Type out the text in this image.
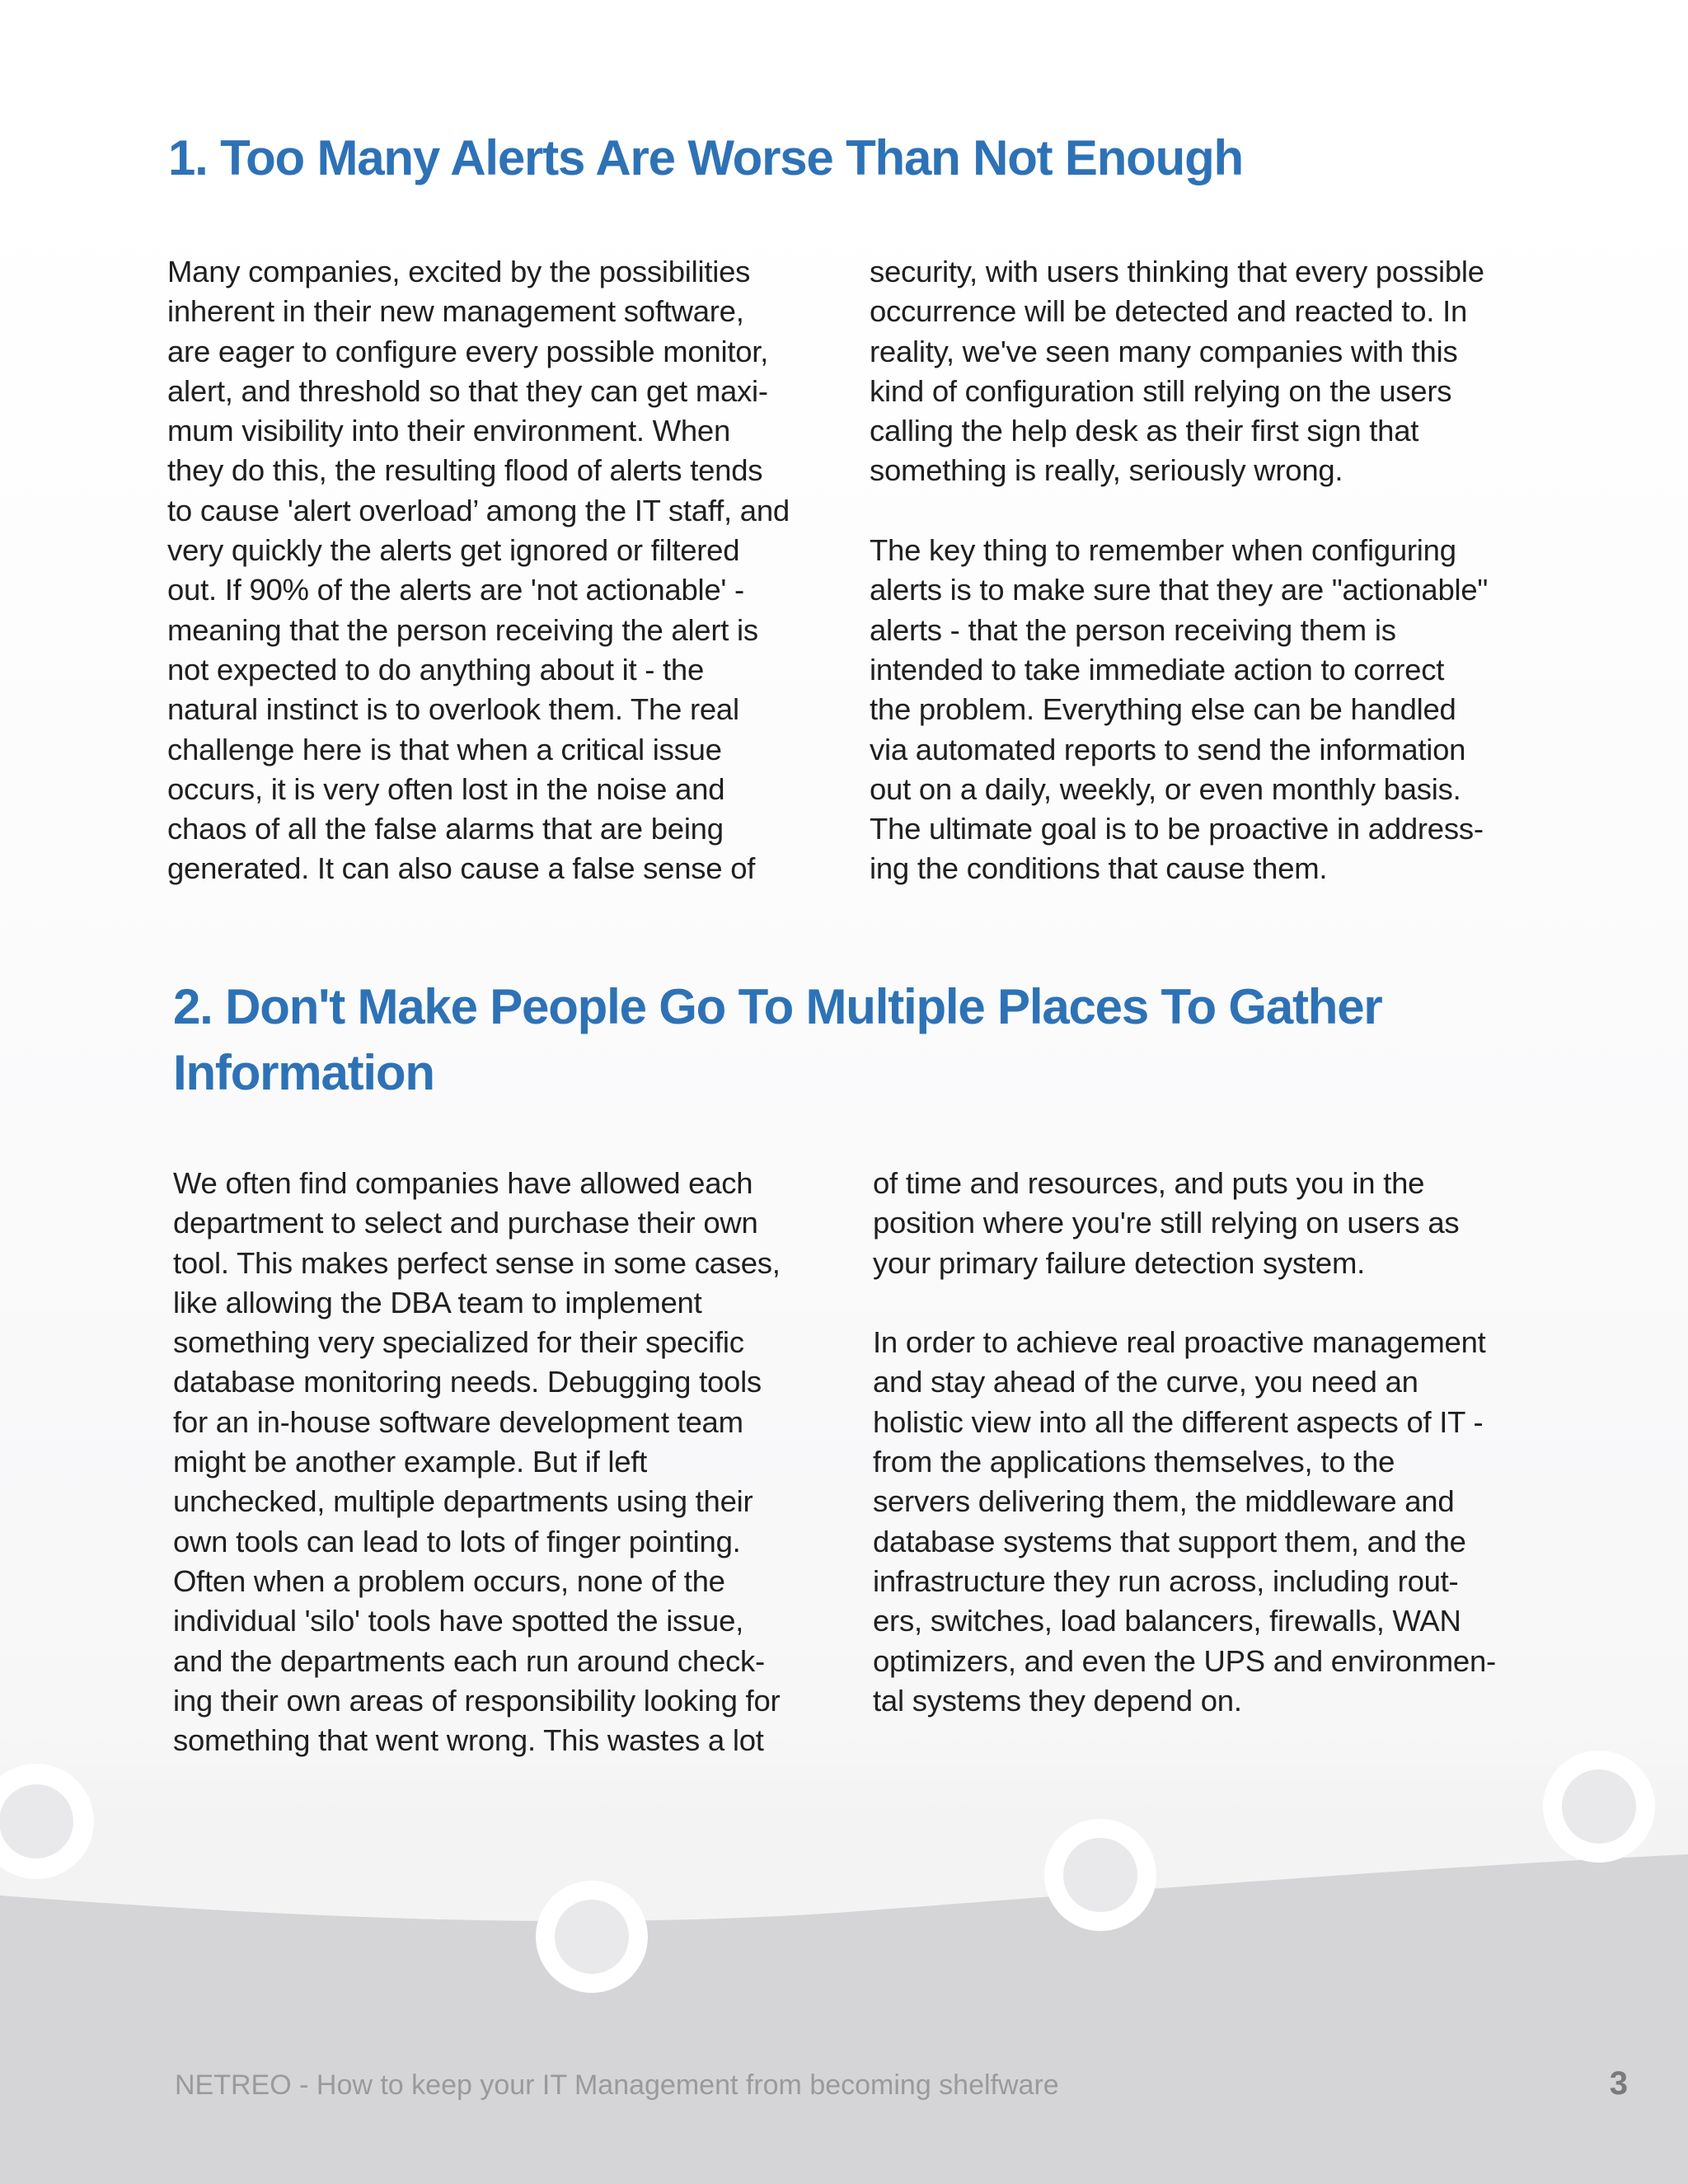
1. Too Many Alerts Are Worse Than Not Enough
Many companies, excited by the possibilities
inherent in their new management software,
are eager to configure every possible monitor,
alert, and threshold so that they can get maxi-
mum visibility into their environment. When
they do this, the resulting flood of alerts tends
to cause 'alert overload’ among the IT staff, and
very quickly the alerts get ignored or filtered
out. If 90% of the alerts are 'not actionable' -
meaning that the person receiving the alert is
not expected to do anything about it - the
natural instinct is to overlook them. The real
challenge here is that when a critical issue
occurs, it is very often lost in the noise and
chaos of all the false alarms that are being
generated. It can also cause a false sense of
security, with users thinking that every possible
occurrence will be detected and reacted to. In
reality, we've seen many companies with this
kind of configuration still relying on the users
calling the help desk as their first sign that
something is really, seriously wrong.
The key thing to remember when configuring
alerts is to make sure that they are "actionable"
alerts - that the person receiving them is
intended to take immediate action to correct
the problem. Everything else can be handled
via automated reports to send the information
out on a daily, weekly, or even monthly basis.
The ultimate goal is to be proactive in address-
ing the conditions that cause them.
2. Don't Make People Go To Multiple Places To Gather
Information
We often find companies have allowed each
department to select and purchase their own
tool. This makes perfect sense in some cases,
like allowing the DBA team to implement
something very specialized for their specific
database monitoring needs. Debugging tools
for an in-house software development team
might be another example. But if left
unchecked, multiple departments using their
own tools can lead to lots of finger pointing.
Often when a problem occurs, none of the
individual 'silo' tools have spotted the issue,
and the departments each run around check-
ing their own areas of responsibility looking for
something that went wrong. This wastes a lot
of time and resources, and puts you in the
position where you're still relying on users as
your primary failure detection system.
In order to achieve real proactive management
and stay ahead of the curve, you need an
holistic view into all the different aspects of IT -
from the applications themselves, to the
servers delivering them, the middleware and
database systems that support them, and the
infrastructure they run across, including rout-
ers, switches, load balancers, firewalls, WAN
optimizers, and even the UPS and environmen-
tal systems they depend on.
NETREO - How to keep your IT Management from becoming shelfware	3
